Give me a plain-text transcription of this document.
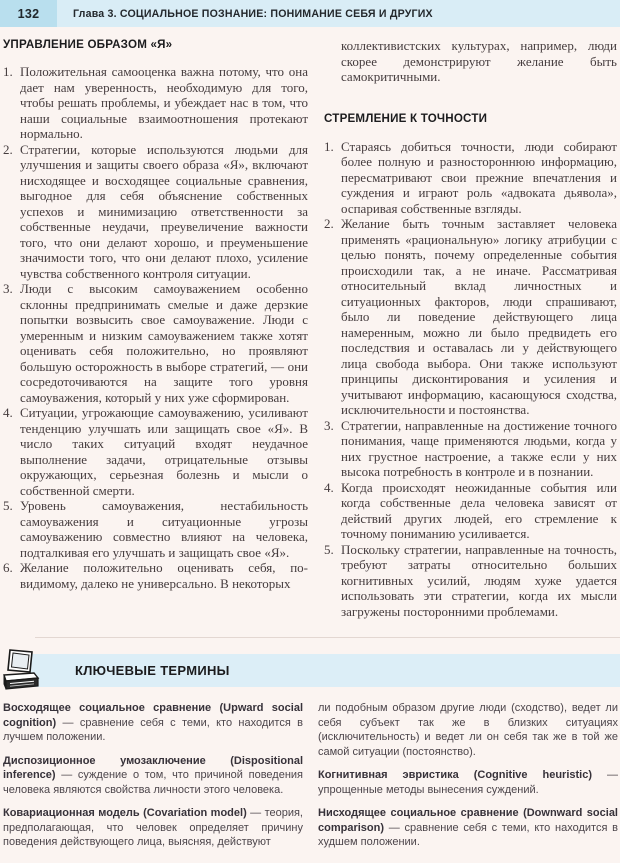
132	Глава 3. СОЦИАЛЬНОЕ ПОЗНАНИЕ: ПОНИМАНИЕ СЕБЯ И ДРУГИХ
УПРАВЛЕНИЕ ОБРАЗОМ «Я»
Положительная самооценка важна потому, что она дает нам уверенность, необходимую для того, чтобы решать проблемы, и убеждает нас в том, что наши социальные взаимоотношения протекают нормально.
Стратегии, которые используются людьми для улучшения и защиты своего образа «Я», включают нисходящее и восходящее социальные сравнения, выгодное для себя объяснение собственных успехов и минимизацию ответственности за собственные неудачи, преувеличение важности того, что они делают хорошо, и преуменьшение значимости того, что они делают плохо, усиление чувства собственного контроля ситуации.
Люди с высоким самоуважением особенно склонны предпринимать смелые и даже дерзкие попытки возвысить свое самоуважение. Люди с умеренным и низким самоуважением также хотят оценивать себя положительно, но проявляют большую осторожность в выборе стратегий, — они сосредоточиваются на защите того уровня самоуважения, который у них уже сформирован.
Ситуации, угрожающие самоуважению, усиливают тенденцию улучшать или защищать свое «Я». В число таких ситуаций входят неудачное выполнение задачи, отрицательные отзывы окружающих, серьезная болезнь и мысли о собственной смерти.
Уровень самоуважения, нестабильность самоуважения и ситуационные угрозы самоуважению совместно влияют на человека, подталкивая его улучшать и защищать свое «Я».
Желание положительно оценивать себя, по-видимому, далеко не универсально. В некоторых

коллективистских культурах, например, люди скорее демонстрируют желание быть самокритичными.

СТРЕМЛЕНИЕ К ТОЧНОСТИ
Стараясь добиться точности, люди собирают более полную и разностороннюю информацию, пересматривают свои прежние впечатления и суждения и играют роль «адвоката дьявола», оспаривая собственные взгляды.
Желание быть точным заставляет человека применять «рациональную» логику атрибуции с целью понять, почему определенные события происходили так, а не иначе. Рассматривая относительный вклад личностных и ситуационных факторов, люди спрашивают, было ли поведение действующего лица намеренным, можно ли было предвидеть его последствия и оставалась ли у действующего лица свобода выбора. Они также используют принципы дисконтирования и усиления и учитывают информацию, касающуюся сходства, исключительности и постоянства.
Стратегии, направленные на достижение точного понимания, чаще применяются людьми, когда у них грустное настроение, а также если у них высока потребность в контроле и в познании.
Когда происходят неожиданные события или когда собственные дела человека зависят от действий других людей, его стремление к точному пониманию усиливается.
Поскольку стратегии, направленные на точность, требуют затраты относительно больших когнитивных усилий, людям хуже удается использовать эти стратегии, когда их мысли загружены посторонними проблемами.
КЛЮЧЕВЫЕ ТЕРМИНЫ

Восходящее социальное сравнение (Upward social cognition) — сравнение себя с теми, кто находится в лучшем положении.

Диспозиционное умозаключение (Dispositional inference) — суждение о том, что причиной поведения человека являются свойства личности этого человека.

Ковариационная модель (Covariation model) — теория, предполагающая, что человек определяет причину поведения действующего лица, выясняя, действуют

ли подобным образом другие люди (сходство), ведет ли себя субъект так же в близких ситуациях (исключительность) и ведет ли он себя так же в той же самой ситуации (постоянство).

Когнитивная эвристика (Cognitive heuristic) — упрощенные методы вынесения суждений.

Нисходящее социальное сравнение (Downward social comparison) — сравнение себя с теми, кто находится в худшем положении.
